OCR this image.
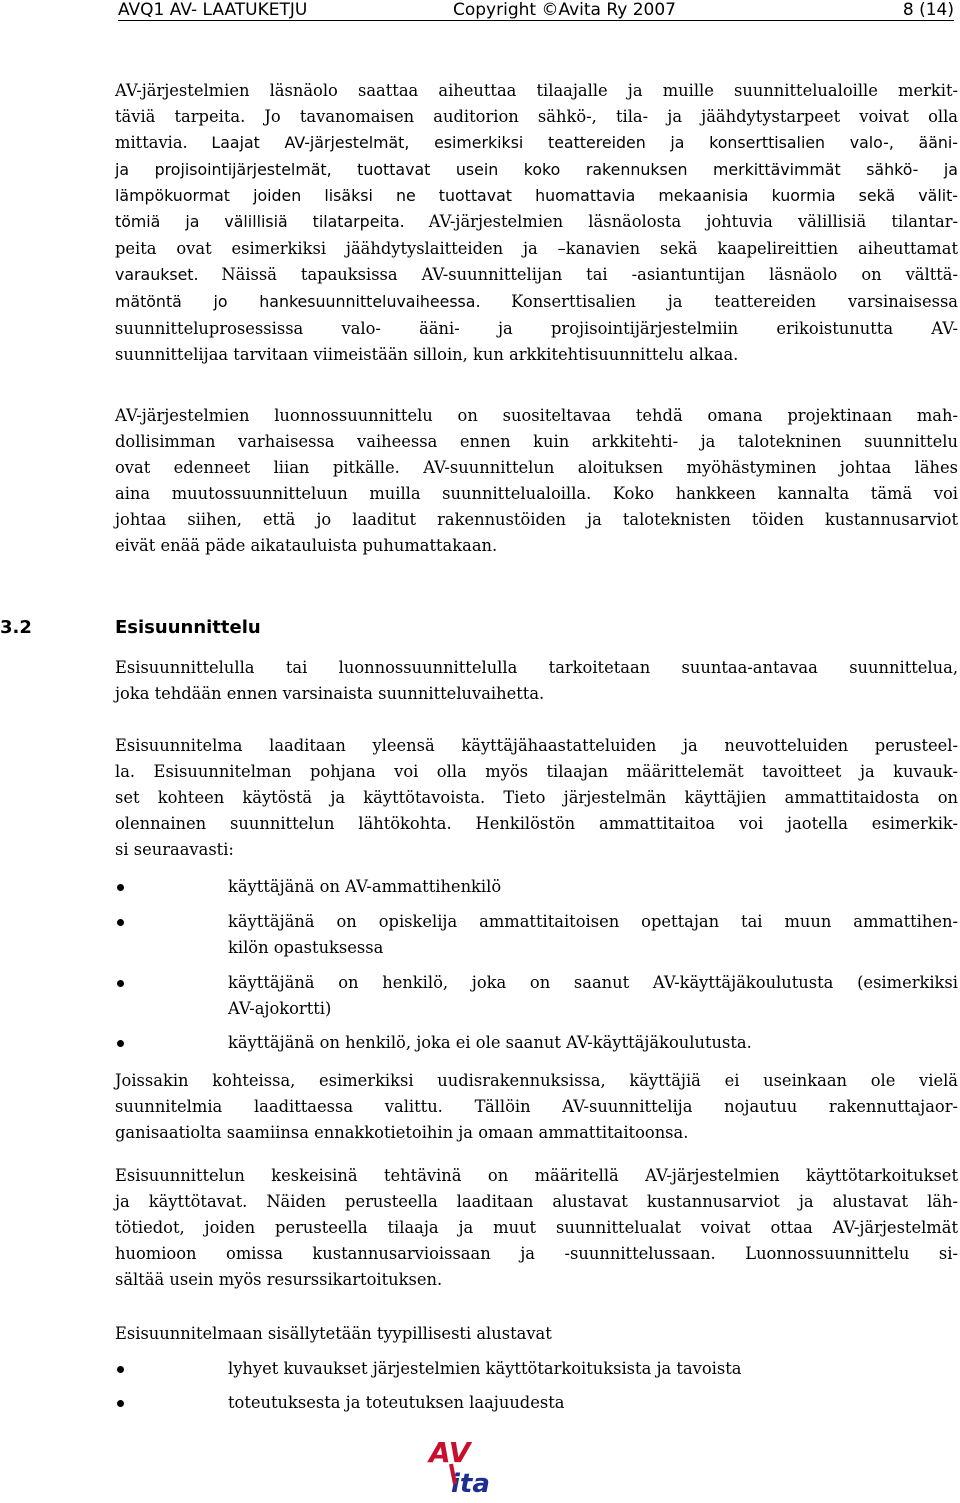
AVQ1 AV- LAATUKETJU	Copyright ©Avita Ry 2007	8 (14)
AV-järjestelmien läsnäolo saattaa aiheuttaa tilaajalle ja muille suunnittelualoille merkit-
täviä tarpeita. Jo tavanomaisen auditorion sähkö-, tila- ja jäähdytystarpeet voivat olla
mittavia. Laajat AV-järjestelmät, esimerkiksi teattereiden ja konserttisalien valo-, ääni-
ja projisointijärjestelmät, tuottavat usein koko rakennuksen merkittävimmät sähkö- ja
lämpökuormat joiden lisäksi ne tuottavat huomattavia mekaanisia kuormia sekä välit-
tömiä ja välillisiä tilatarpeita. AV-järjestelmien läsnäolosta johtuvia välillisiä tilantar-
peita ovat esimerkiksi jäähdytyslaitteiden ja –kanavien sekä kaapelireittien aiheuttamat
varaukset. Näissä tapauksissa AV-suunnittelijan tai -asiantuntijan läsnäolo on välttä-
mätöntä jo hankesuunnitteluvaiheessa. Konserttisalien ja teattereiden varsinaisessa
suunnitteluprosessissa valo- ääni- ja projisointijärjestelmiin erikoistunutta AV-
suunnittelijaa tarvitaan viimeistään silloin, kun arkkitehtisuunnittelu alkaa.
AV-järjestelmien luonnossuunnittelu on suositeltavaa tehdä omana projektinaan mah-
dollisimman varhaisessa vaiheessa ennen kuin arkkitehti- ja talotekninen suunnittelu
ovat edenneet liian pitkälle. AV-suunnittelun aloituksen myöhästyminen johtaa lähes
aina muutossuunnitteluun muilla suunnittelualoilla. Koko hankkeen kannalta tämä voi
johtaa siihen, että jo laaditut rakennustöiden ja taloteknisten töiden kustannusarviot
eivät enää päde aikatauluista puhumattakaan.
Esisuunnittelulla tai luonnossuunnittelulla tarkoitetaan suuntaa-antavaa suunnittelua,
joka tehdään ennen varsinaista suunnitteluvaihetta.
Esisuunnitelma laaditaan yleensä käyttäjähaastatteluiden ja neuvotteluiden perusteel-
la. Esisuunnitelman pohjana voi olla myös tilaajan määrittelemät tavoitteet ja kuvauk-
set kohteen käytöstä ja käyttötavoista. Tieto järjestelmän käyttäjien ammattitaidosta on
olennainen suunnittelun lähtökohta. Henkilöstön ammattitaitoa voi jaotella esimerkik-
si seuraavasti:
käyttäjänä on AV-ammattihenkilö
käyttäjänä on opiskelija ammattitaitoisen opettajan tai muun ammattihen-
kilön opastuksessa
käyttäjänä on henkilö, joka on saanut AV-käyttäjäkoulutusta (esimerkiksi
AV-ajokortti)
käyttäjänä on henkilö, joka ei ole saanut AV-käyttäjäkoulutusta.
Joissakin kohteissa, esimerkiksi uudisrakennuksissa, käyttäjiä ei useinkaan ole vielä
suunnitelmia laadittaessa valittu. Tällöin AV-suunnittelija nojautuu rakennuttajaor-
ganisaatiolta saamiinsa ennakkotietoihin ja omaan ammattitaitoonsa.
Esisuunnittelun keskeisinä tehtävinä on määritellä AV-järjestelmien käyttötarkoitukset
ja käyttötavat. Näiden perusteella laaditaan alustavat kustannusarviot ja alustavat läh-
tötiedot, joiden perusteella tilaaja ja muut suunnittelualat voivat ottaa AV-järjestelmät
huomioon omissa kustannusarvioissaan ja -suunnittelussaan. Luonnossuunnittelu si-
sältää usein myös resurssikartoituksen.
Esisuunnitelmaan sisällytetään tyypillisesti alustavat
lyhyet kuvaukset järjestelmien käyttötarkoituksista ja tavoista
toteutuksesta ja toteutuksen laajuudesta
3.2	Esisuunnittelu
AV
ita
